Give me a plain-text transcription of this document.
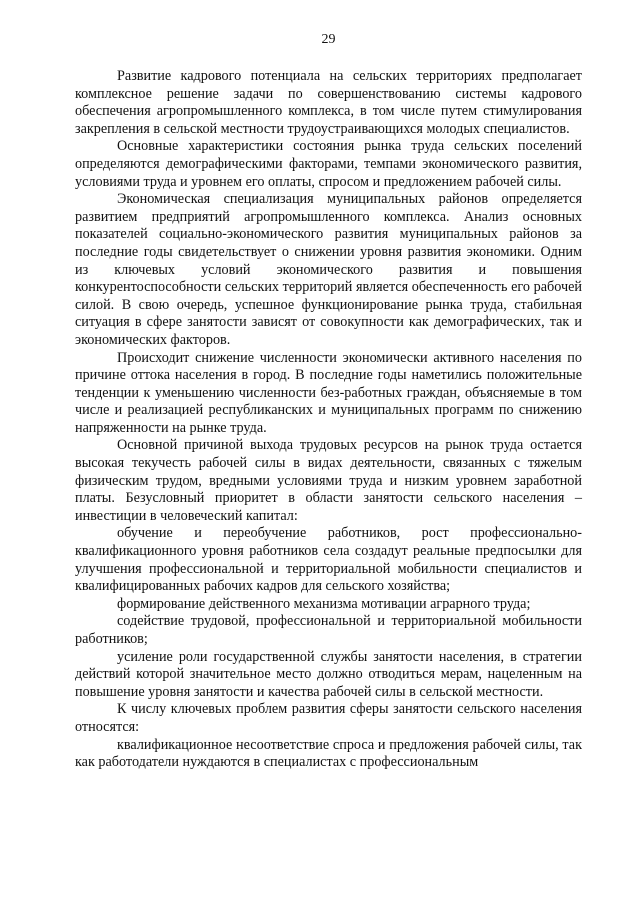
29

Развитие кадрового потенциала на сельских территориях предполагает комплексное решение задачи по совершенствованию системы кадрового обеспечения агропромышленного комплекса, в том числе путем стимулирования закрепления в сельской местности трудоустраивающихся молодых специалистов.

Основные характеристики состояния рынка труда сельских поселений определяются демографическими факторами, темпами экономического развития, условиями труда и уровнем его оплаты, спросом и предложением рабочей силы.

Экономическая специализация муниципальных районов определяется развитием предприятий агропромышленного комплекса. Анализ основных показателей социально-экономического развития муниципальных районов за последние годы свидетельствует о снижении уровня развития экономики. Одним из ключевых условий экономического развития и повышения конкурентоспособности сельских территорий является обеспеченность его рабочей силой. В свою очередь, успешное функционирование рынка труда, стабильная ситуация в сфере занятости зависят от совокупности как демографических, так и экономических факторов.

Происходит снижение численности экономически активного населения по причине оттока населения в город. В последние годы наметились положительные тенденции к уменьшению численности без-работных граждан, объясняемые в том числе и реализацией республиканских и муниципальных программ по снижению напряженности на рынке труда.

Основной причиной выхода трудовых ресурсов на рынок труда остается высокая текучесть рабочей силы в видах деятельности, связанных с тяжелым физическим трудом, вредными условиями труда и низким уровнем заработной платы. Безусловный приоритет в области занятости сельского населения – инвестиции в человеческий капитал:

обучение и переобучение работников, рост профессионально-квалификационного уровня работников села создадут реальные предпосылки для улучшения профессиональной и территориальной мобильности специалистов и квалифицированных рабочих кадров для сельского хозяйства;

формирование действенного механизма мотивации аграрного труда;

содействие трудовой, профессиональной и территориальной мобильности работников;

усиление роли государственной службы занятости населения, в стратегии действий которой значительное место должно отводиться мерам, нацеленным на повышение уровня занятости и качества рабочей силы в сельской местности.

К числу ключевых проблем развития сферы занятости сельского населения относятся:

квалификационное несоответствие спроса и предложения рабочей силы, так как работодатели нуждаются в специалистах с профессиональным
